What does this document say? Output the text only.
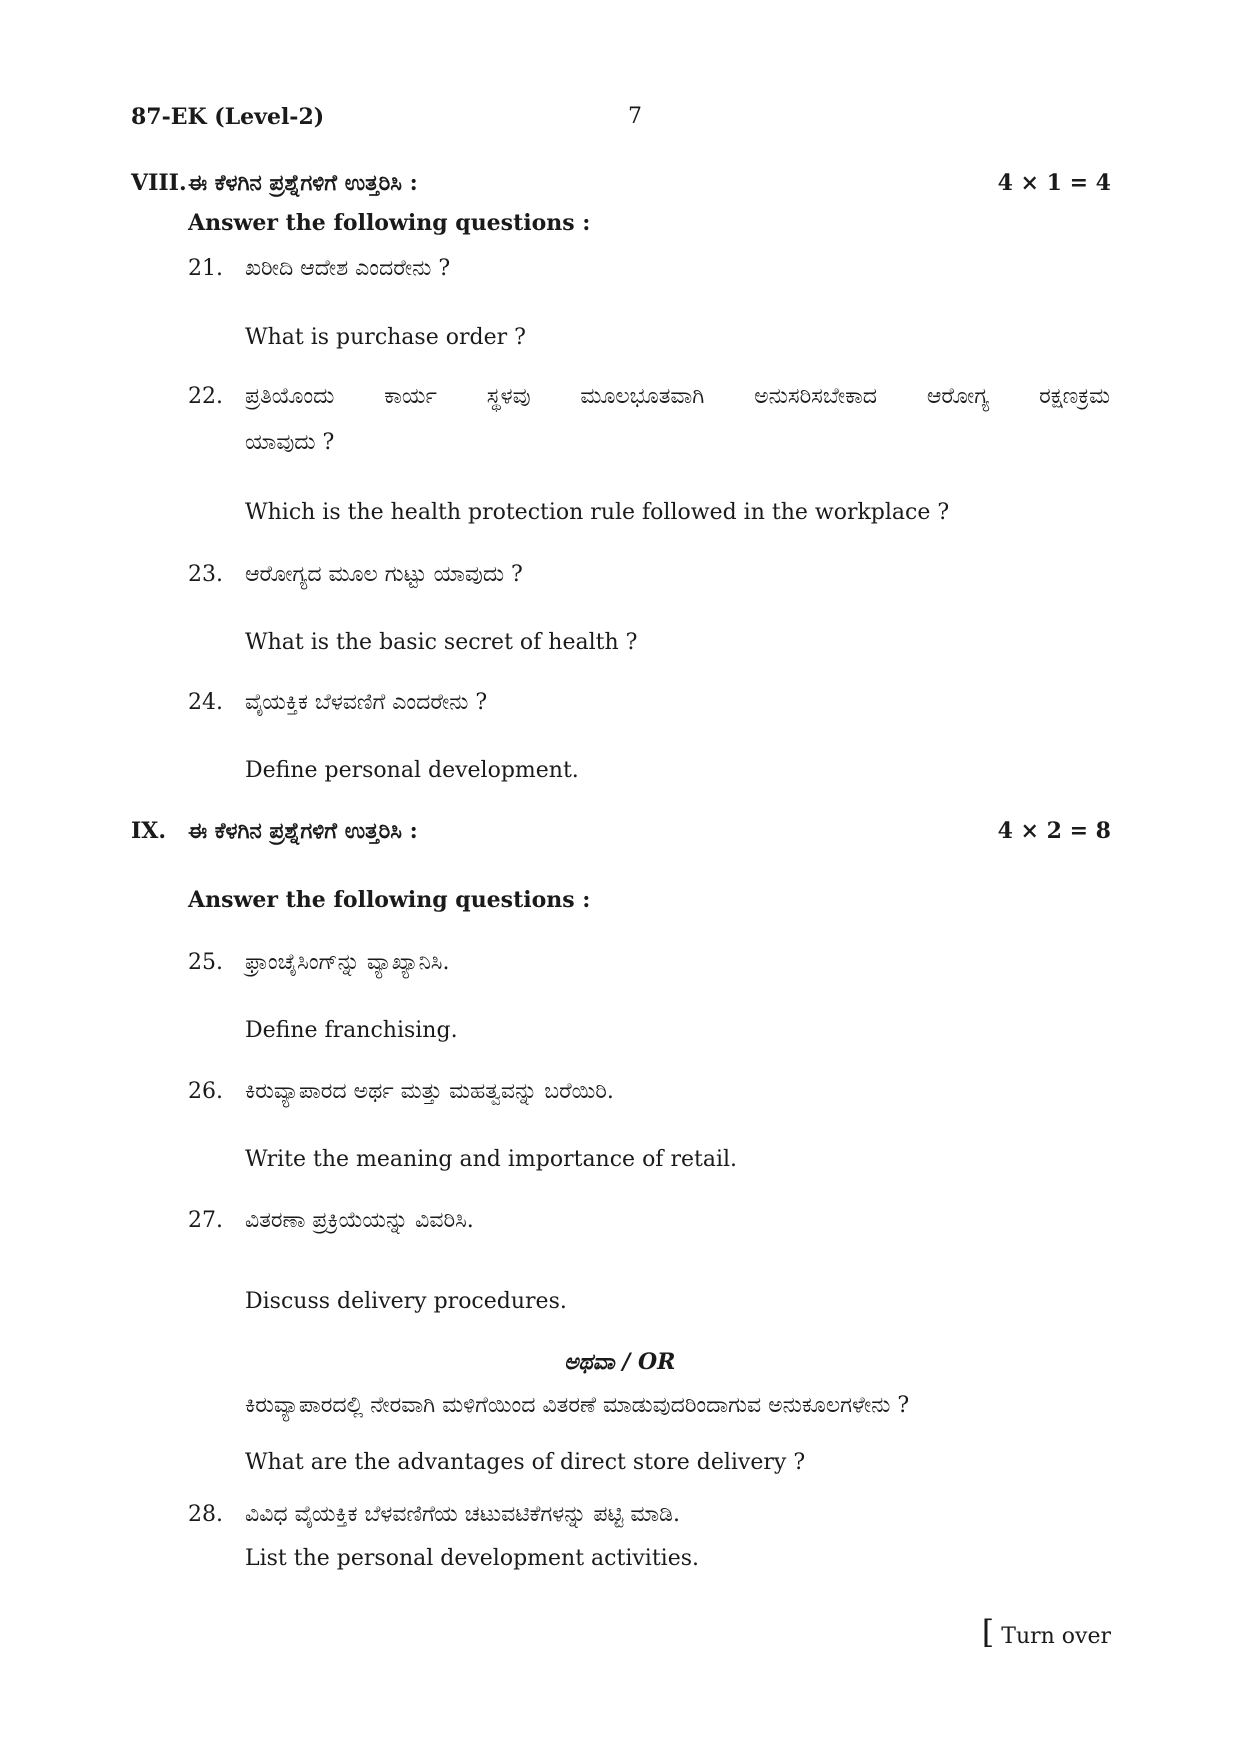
87-EK (Level-2)	7
VIII. ಈ ಕೆಳಗಿನ ಪ್ರಶ್ನೆಗಳಿಗೆ ಉತ್ತರಿಸಿ :	4 × 1 = 4
Answer the following questions :
21. ಖರೀದಿ ಆದೇಶ ಎಂದರೇನು ?
What is purchase order ?
22. ಪ್ರತಿಯೊಂದು ಕಾರ್ಯ ಸ್ಥಳವು ಮೂಲಭೂತವಾಗಿ ಅನುಸರಿಸಬೇಕಾದ ಆರೋಗ್ಯ ರಕ್ಷಣಕ್ರಮ
ಯಾವುದು ?
Which is the health protection rule followed in the workplace ?
23. ಆರೋಗ್ಯದ ಮೂಲ ಗುಟ್ಟು ಯಾವುದು ?
What is the basic secret of health ?
24. ವೈಯಕ್ತಿಕ ಬೆಳವಣಿಗೆ ಎಂದರೇನು ?
Define personal development.
IX. ಈ ಕೆಳಗಿನ ಪ್ರಶ್ನೆಗಳಿಗೆ ಉತ್ತರಿಸಿ :	4 × 2 = 8
Answer the following questions :
25. ಫ್ರಾಂಚೈಸಿಂಗ್‌ನ್ನು ವ್ಯಾಖ್ಯಾನಿಸಿ.
Define franchising.
26. ಕಿರುವ್ಯಾಪಾರದ ಅರ್ಥ ಮತ್ತು ಮಹತ್ವವನ್ನು ಬರೆಯಿರಿ.
Write the meaning and importance of retail.
27. ವಿತರಣಾ ಪ್ರಕ್ರಿಯೆಯನ್ನು ವಿವರಿಸಿ.
Discuss delivery procedures.
ಅಥವಾ / OR
ಕಿರುವ್ಯಾಪಾರದಲ್ಲಿ ನೇರವಾಗಿ ಮಳಿಗೆಯಿಂದ ವಿತರಣೆ ಮಾಡುವುದರಿಂದಾಗುವ ಅನುಕೂಲಗಳೇನು ?
What are the advantages of direct store delivery ?
28. ವಿವಿಧ ವೈಯಕ್ತಿಕ ಬೆಳವಣಿಗೆಯ ಚಟುವಟಿಕೆಗಳನ್ನು ಪಟ್ಟಿ ಮಾಡಿ.
List the personal development activities.
[ Turn over
